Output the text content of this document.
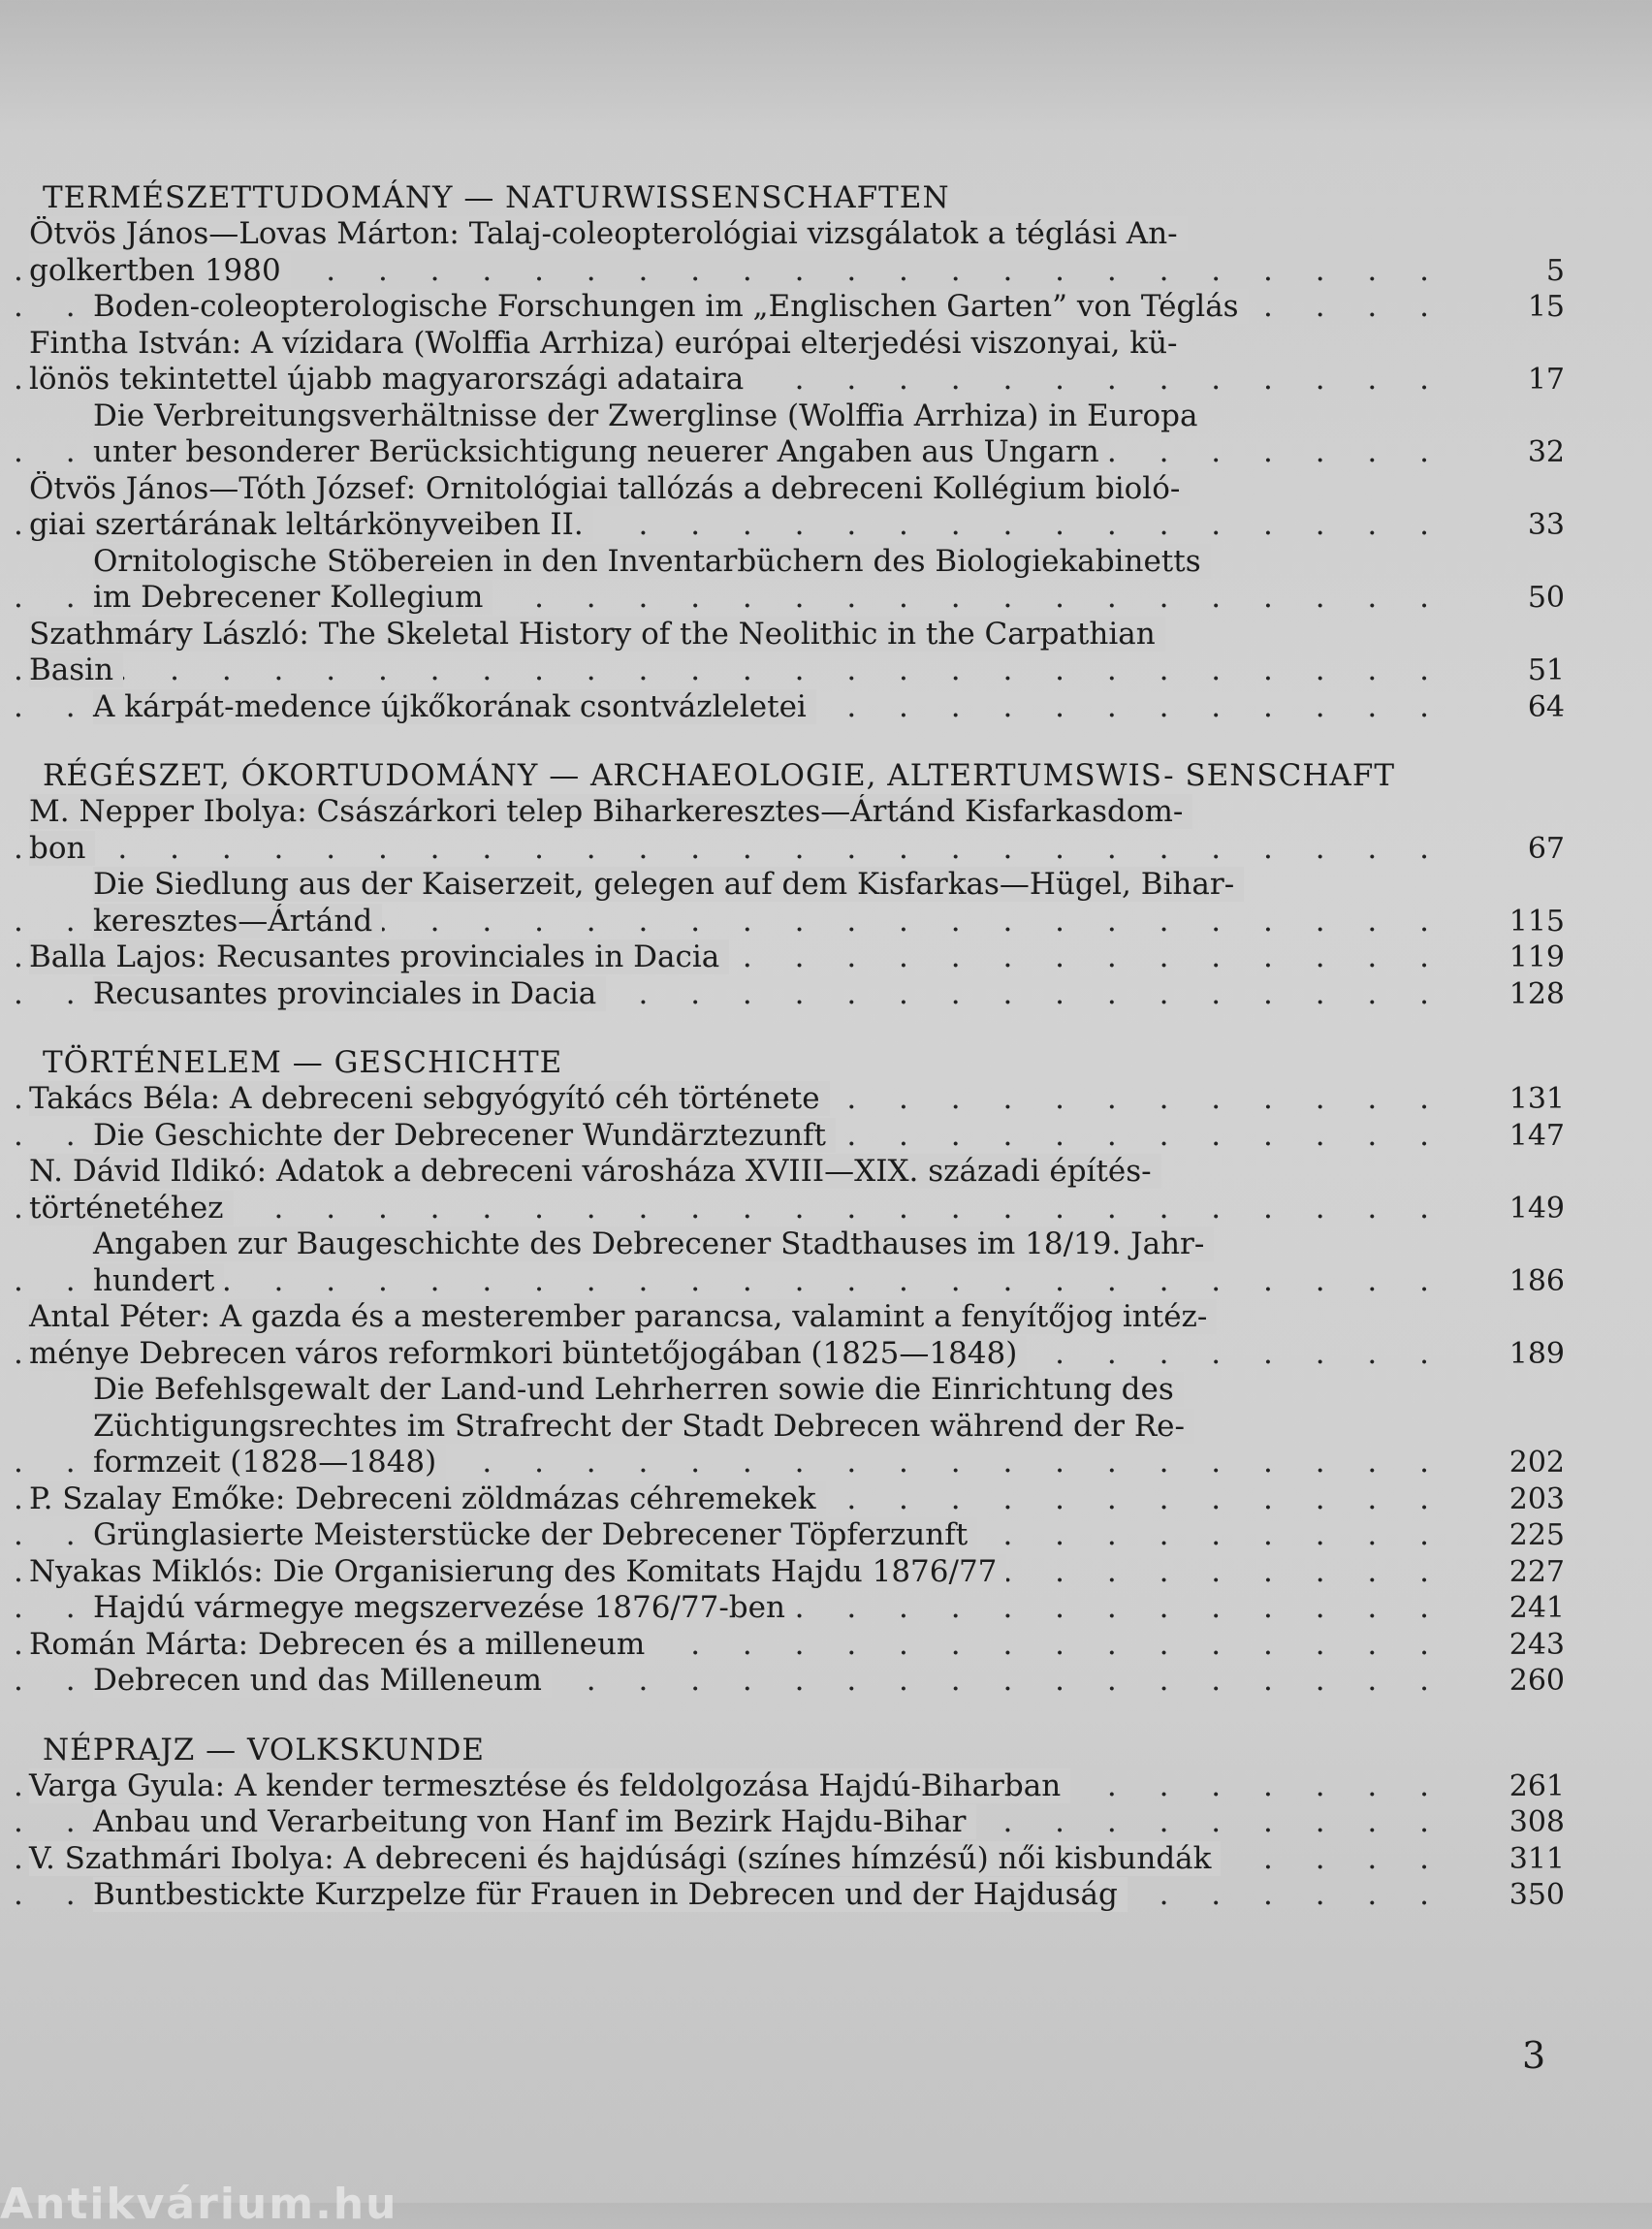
TERMÉSZETTUDOMÁNY — NATURWISSENSCHAFTEN
Ötvös János—Lovas Márton: Talaj-coleopterológiai vizsgálatok a téglási An-
. . .
golkertben 1980	5
. . .
Boden-coleopterologische Forschungen im „Englischen Garten” von Téglás	15
Fintha István: A vízidara (Wolffia Arrhiza) európai elterjedési viszonyai, kü-
. . .
lönös tekintettel újabb magyarországi adataira	17
Die Verbreitungsverhältnisse der Zwerglinse (Wolffia Arrhiza) in Europa
. . .
unter besonderer Berücksichtigung neuerer Angaben aus Ungarn	32
Ötvös János—Tóth József: Ornitológiai tallózás a debreceni Kollégium bioló-
. . .
giai szertárának leltárkönyveiben II.	33
Ornitologische Stöbereien in den Inventarbüchern des Biologiekabinetts
. . .
im Debrecener Kollegium	50
Szathmáry László: The Skeletal History of the Neolithic in the Carpathian
. . .
Basin	51
. . .
A kárpát-medence újkőkorának csontvázleletei	64
RÉGÉSZET, ÓKORTUDOMÁNY — ARCHAEOLOGIE, ALTERTUMSWIS- SENSCHAFT
M. Nepper Ibolya: Császárkori telep Biharkeresztes—Ártánd Kisfarkasdom-
. . .
bon	67
Die Siedlung aus der Kaiserzeit, gelegen auf dem Kisfarkas—Hügel, Bihar-
. . .
keresztes—Ártánd	115
. . .
Balla Lajos: Recusantes provinciales in Dacia	119
. . .
Recusantes provinciales in Dacia	128
TÖRTÉNELEM — GESCHICHTE
. . .
Takács Béla: A debreceni sebgyógyító céh története	131
. . .
Die Geschichte der Debrecener Wundärztezunft	147
N. Dávid Ildikó: Adatok a debreceni városháza XVIII—XIX. századi építés-
. . .
történetéhez	149
Angaben zur Baugeschichte des Debrecener Stadthauses im 18/19. Jahr-
. . .
hundert	186
Antal Péter: A gazda és a mesterember parancsa, valamint a fenyítőjog intéz-
. . .
ménye Debrecen város reformkori büntetőjogában (1825—1848)	189
Die Befehlsgewalt der Land-und Lehrherren sowie die Einrichtung des
Züchtigungsrechtes im Strafrecht der Stadt Debrecen während der Re-
. . .
formzeit (1828—1848)	202
. . .
P. Szalay Emőke: Debreceni zöldmázas céhremekek	203
. . .
Grünglasierte Meisterstücke der Debrecener Töpferzunft	225
. . .
Nyakas Miklós: Die Organisierung des Komitats Hajdu 1876/77	227
. . .
Hajdú vármegye megszervezése 1876/77-ben	241
. . .
Román Márta: Debrecen és a milleneum	243
. . .
Debrecen und das Milleneum	260
NÉPRAJZ — VOLKSKUNDE
. . .
Varga Gyula: A kender termesztése és feldolgozása Hajdú-Biharban	261
. . .
Anbau und Verarbeitung von Hanf im Bezirk Hajdu-Bihar	308
. . .
V. Szathmári Ibolya: A debreceni és hajdúsági (színes hímzésű) női kisbundák	311
. . .
Buntbestickte Kurzpelze für Frauen in Debrecen und der Hajduság	350
3
Antikvárium.hu
